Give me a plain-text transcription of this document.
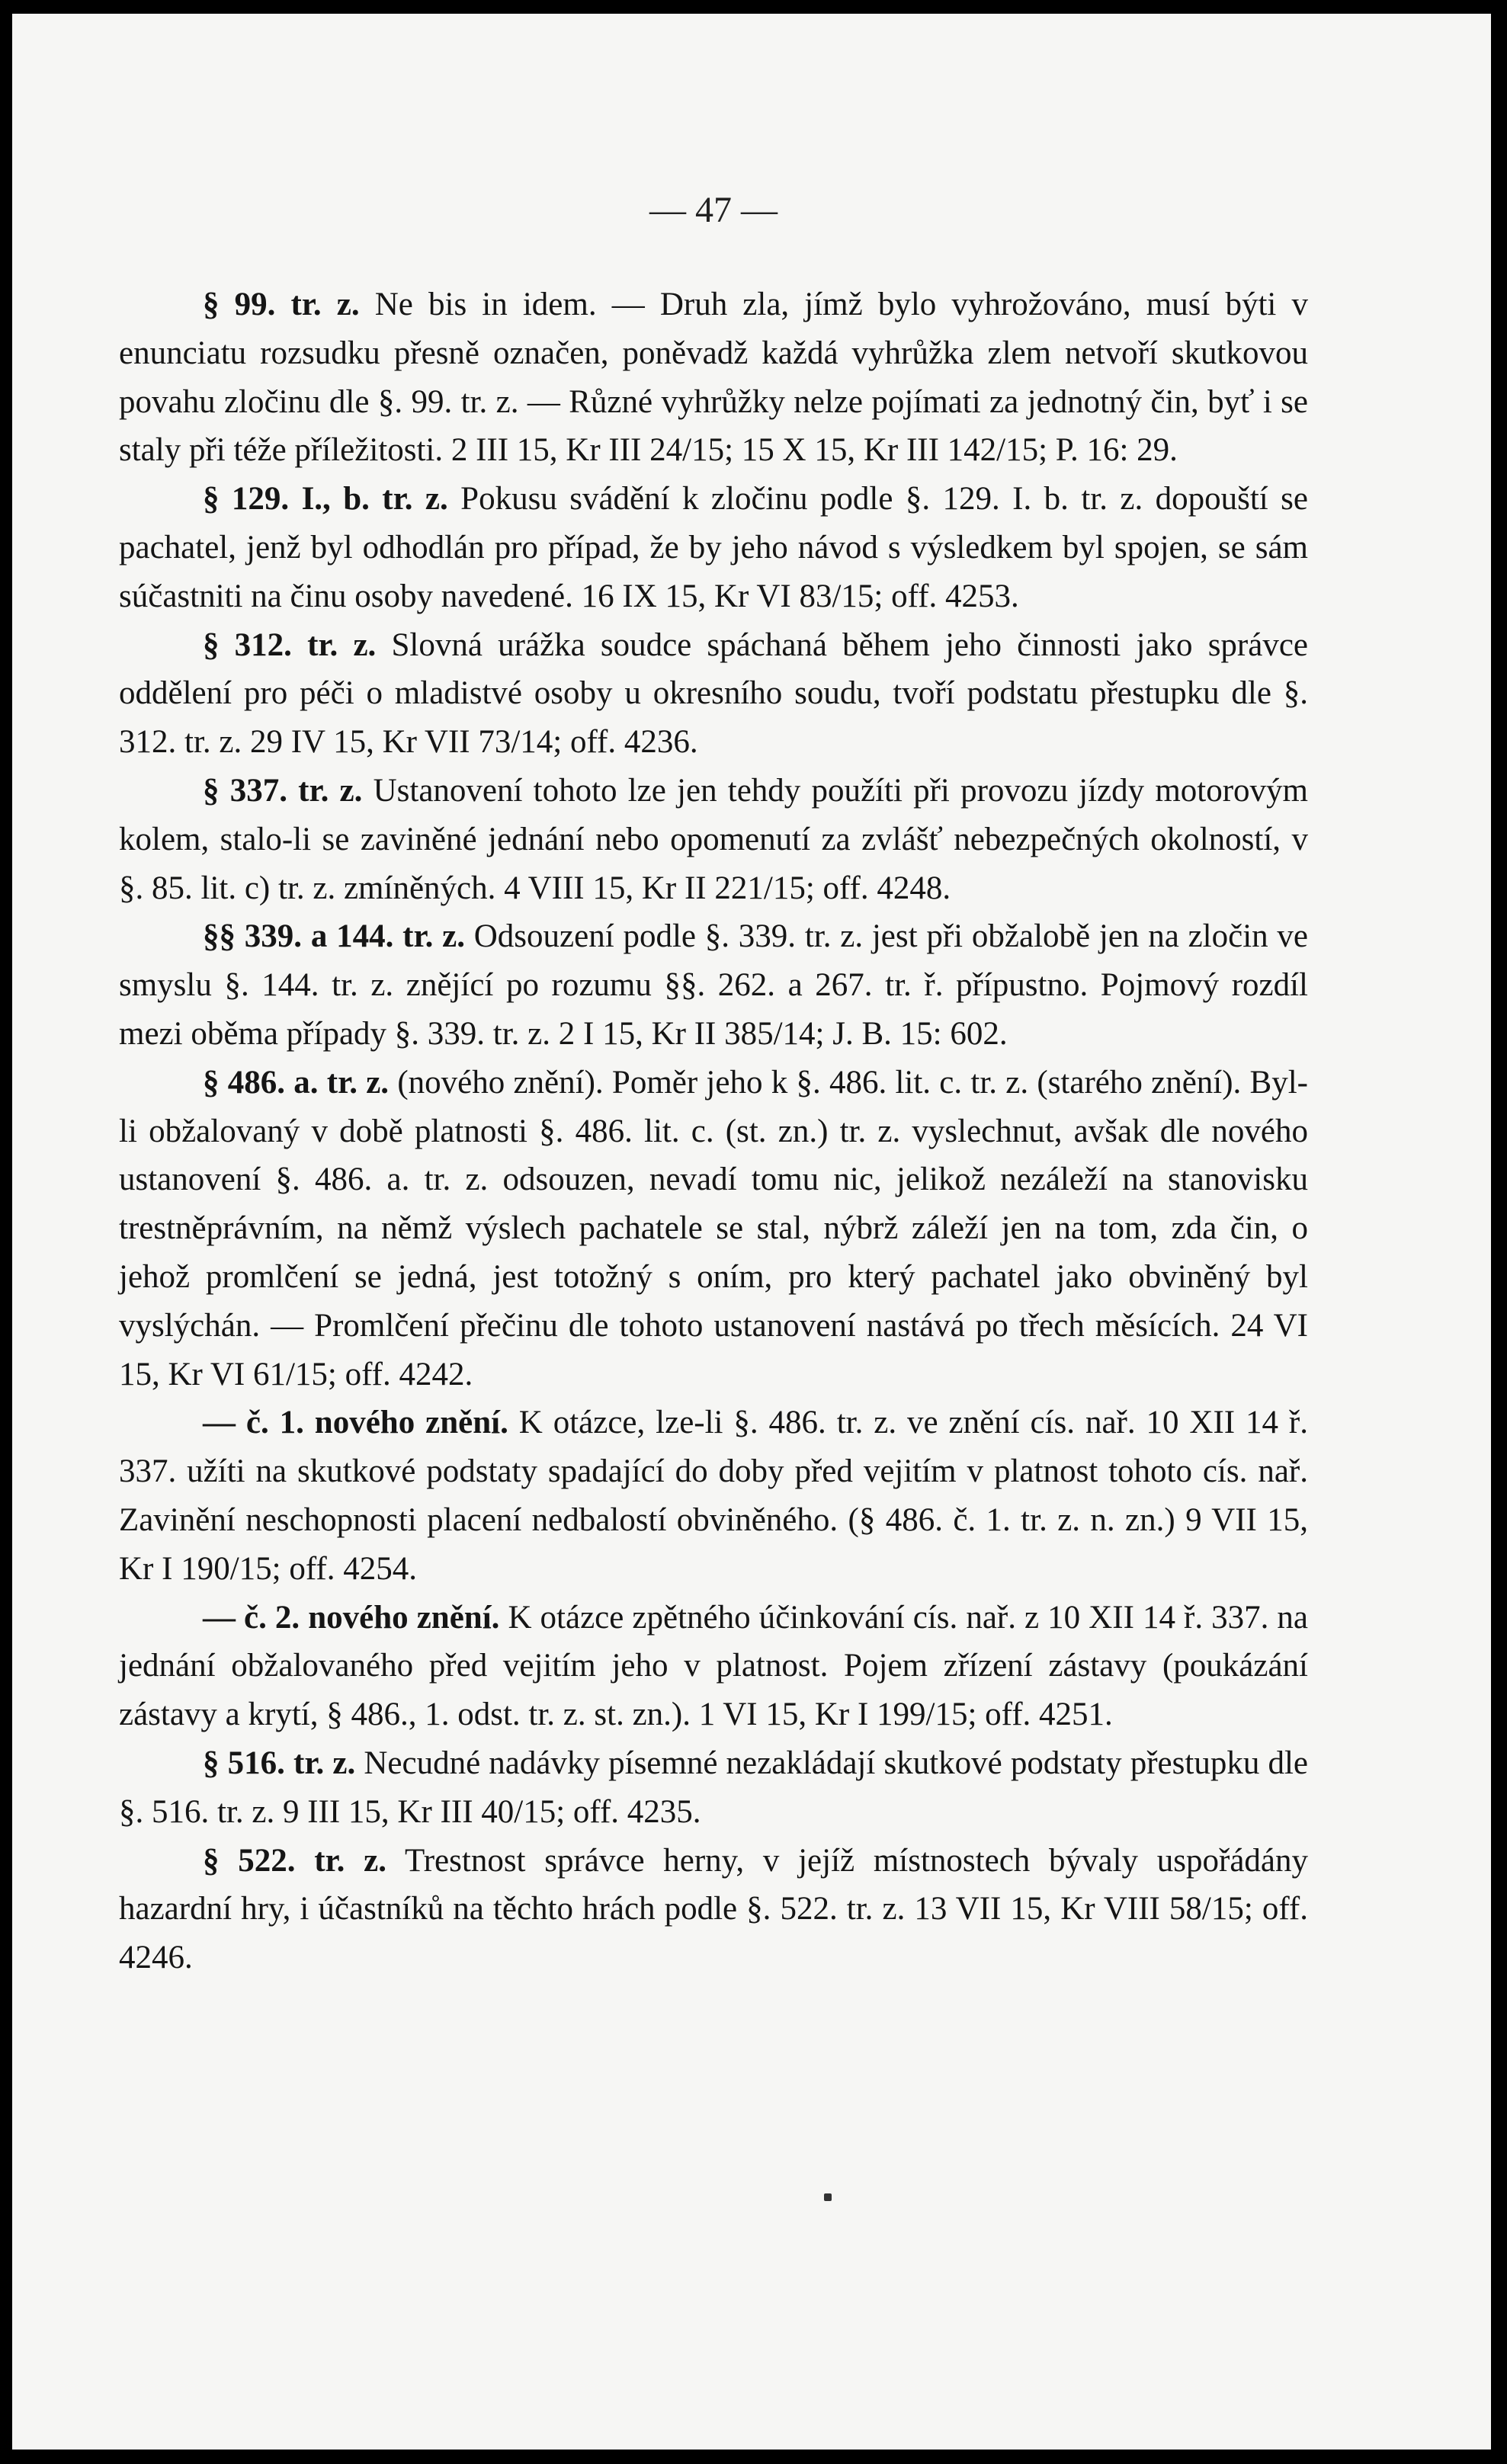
— 47 —

§ 99. tr. z. Ne bis in idem. — Druh zla, jímž bylo vyhrožováno, musí býti v enunciatu rozsudku přesně označen, poněvadž každá vyhrůžka zlem netvoří skutkovou povahu zločinu dle §. 99. tr. z. — Různé vyhrůžky nelze pojímati za jednotný čin, byť i se staly při téže příležitosti. 2 III 15, Kr III 24/15; 15 X 15, Kr III 142/15; P. 16: 29.

§ 129. I., b. tr. z. Pokusu svádění k zločinu podle §. 129. I. b. tr. z. dopouští se pachatel, jenž byl odhodlán pro případ, že by jeho návod s výsledkem byl spojen, se sám súčastniti na činu osoby navedené. 16 IX 15, Kr VI 83/15; off. 4253.

§ 312. tr. z. Slovná urážka soudce spáchaná během jeho činnosti jako správce oddělení pro péči o mladistvé osoby u okresního soudu, tvoří podstatu přestupku dle §. 312. tr. z. 29 IV 15, Kr VII 73/14; off. 4236.

§ 337. tr. z. Ustanovení tohoto lze jen tehdy použíti při provozu jízdy motorovým kolem, stalo-li se zaviněné jednání nebo opomenutí za zvlášť nebezpečných okolností, v §. 85. lit. c) tr. z. zmíněných. 4 VIII 15, Kr II 221/15; off. 4248.

§§ 339. a 144. tr. z. Odsouzení podle §. 339. tr. z. jest při obžalobě jen na zločin ve smyslu §. 144. tr. z. znějící po rozumu §§. 262. a 267. tr. ř. přípustno. Pojmový rozdíl mezi oběma případy §. 339. tr. z. 2 I 15, Kr II 385/14; J. B. 15: 602.

§ 486. a. tr. z. (nového znění). Poměr jeho k §. 486. lit. c. tr. z. (starého znění). Byl-li obžalovaný v době platnosti §. 486. lit. c. (st. zn.) tr. z. vyslechnut, avšak dle nového ustanovení §. 486. a. tr. z. odsouzen, nevadí tomu nic, jelikož nezáleží na stanovisku trestněprávním, na němž výslech pachatele se stal, nýbrž záleží jen na tom, zda čin, o jehož promlčení se jedná, jest totožný s oním, pro který pachatel jako obviněný byl vyslýchán. — Promlčení přečinu dle tohoto ustanovení nastává po třech měsících. 24 VI 15, Kr VI 61/15; off. 4242.

— č. 1. nového znění. K otázce, lze-li §. 486. tr. z. ve znění cís. nař. 10 XII 14 ř. 337. užíti na skutkové podstaty spadající do doby před vejitím v platnost tohoto cís. nař. Zavinění neschopnosti placení nedbalostí obviněného. (§ 486. č. 1. tr. z. n. zn.) 9 VII 15, Kr I 190/15; off. 4254.

— č. 2. nového znění. K otázce zpětného účinkování cís. nař. z 10 XII 14 ř. 337. na jednání obžalovaného před vejitím jeho v platnost. Pojem zřízení zástavy (poukázání zástavy a krytí, § 486., 1. odst. tr. z. st. zn.). 1 VI 15, Kr I 199/15; off. 4251.

§ 516. tr. z. Necudné nadávky písemné nezakládají skutkové podstaty přestupku dle §. 516. tr. z. 9 III 15, Kr III 40/15; off. 4235.

§ 522. tr. z. Trestnost správce herny, v jejíž místnostech bývaly uspořádány hazardní hry, i účastníků na těchto hrách podle §. 522. tr. z. 13 VII 15, Kr VIII 58/15; off. 4246.
